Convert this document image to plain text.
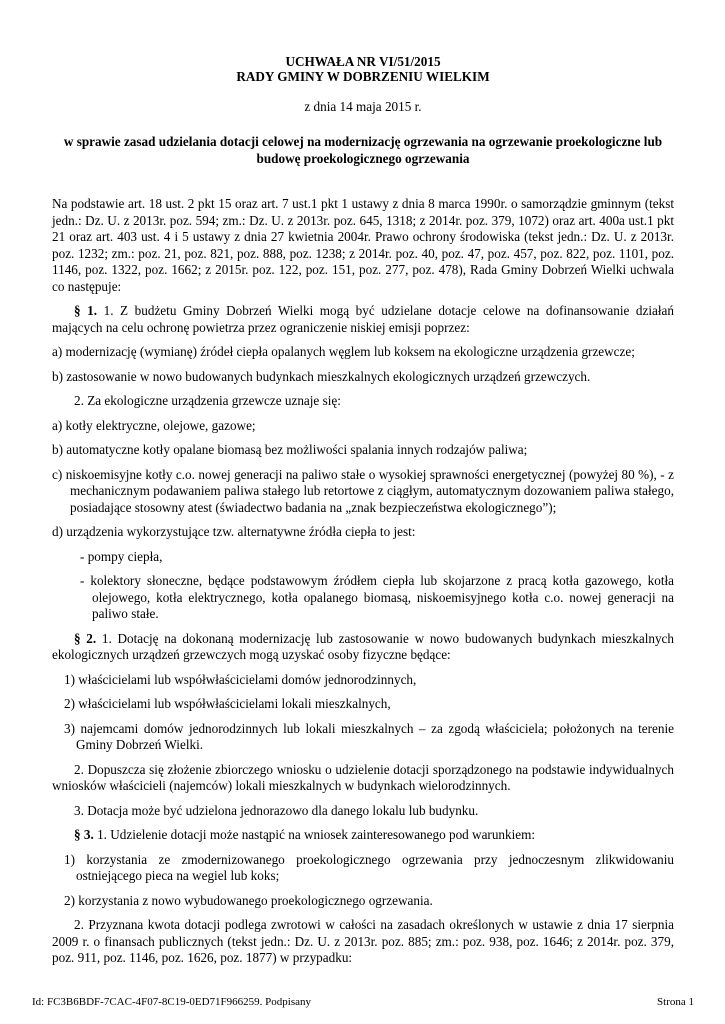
UCHWAŁA NR VI/51/2015
RADY GMINY W DOBRZENIU WIELKIM
z dnia 14 maja 2015 r.
w sprawie zasad udzielania dotacji celowej na modernizację ogrzewania na ogrzewanie proekologiczne lub budowę proekologicznego ogrzewania

Na podstawie art. 18 ust. 2 pkt 15 oraz art. 7 ust.1 pkt 1 ustawy z dnia 8 marca 1990r. o samorządzie gminnym (tekst jedn.: Dz. U. z 2013r. poz. 594; zm.: Dz. U. z 2013r. poz. 645, 1318; z 2014r. poz. 379, 1072) oraz art. 400a ust.1 pkt 21 oraz art. 403 ust. 4 i 5 ustawy z dnia 27 kwietnia 2004r. Prawo ochrony środowiska (tekst jedn.: Dz. U. z 2013r. poz. 1232; zm.: poz. 21, poz. 821, poz. 888, poz. 1238; z 2014r. poz. 40, poz. 47, poz. 457, poz. 822, poz. 1101, poz. 1146, poz. 1322, poz. 1662; z 2015r. poz. 122, poz. 151, poz. 277, poz. 478), Rada Gminy Dobrzeń Wielki uchwala co następuje:

§ 1. 1. Z budżetu Gminy Dobrzeń Wielki mogą być udzielane dotacje celowe na dofinansowanie działań mających na celu ochronę powietrza przez ograniczenie niskiej emisji poprzez:

a) modernizację (wymianę) źródeł ciepła opalanych węglem lub koksem na ekologiczne urządzenia grzewcze;

b) zastosowanie w nowo budowanych budynkach mieszkalnych ekologicznych urządzeń grzewczych.

2. Za ekologiczne urządzenia grzewcze uznaje się:

a) kotły elektryczne, olejowe, gazowe;

b) automatyczne kotły opalane biomasą bez możliwości spalania innych rodzajów paliwa;

c) niskoemisyjne kotły c.o. nowej generacji na paliwo stałe o wysokiej sprawności energetycznej (powyżej 80 %), - z mechanicznym podawaniem paliwa stałego lub retortowe z ciągłym, automatycznym dozowaniem paliwa stałego, posiadające stosowny atest (świadectwo badania na „znak bezpieczeństwa ekologicznego”);

d) urządzenia wykorzystujące tzw. alternatywne źródła ciepła to jest:

- pompy ciepła,

- kolektory słoneczne, będące podstawowym źródłem ciepła lub skojarzone z pracą kotła gazowego, kotła olejowego, kotła elektrycznego, kotła opalanego biomasą, niskoemisyjnego kotła c.o. nowej generacji na paliwo stałe.

§ 2. 1. Dotację na dokonaną modernizację lub zastosowanie w nowo budowanych budynkach mieszkalnych ekologicznych urządzeń grzewczych mogą uzyskać osoby fizyczne będące:

1) właścicielami lub współwłaścicielami domów jednorodzinnych,

2) właścicielami lub współwłaścicielami lokali mieszkalnych,

3) najemcami domów jednorodzinnych lub lokali mieszkalnych – za zgodą właściciela; położonych na terenie Gminy Dobrzeń Wielki.

2. Dopuszcza się złożenie zbiorczego wniosku o udzielenie dotacji sporządzonego na podstawie indywidualnych wniosków właścicieli (najemców) lokali mieszkalnych w budynkach wielorodzinnych.

3. Dotacja może być udzielona jednorazowo dla danego lokalu lub budynku.

§ 3. 1. Udzielenie dotacji może nastąpić na wniosek zainteresowanego pod warunkiem:

1) korzystania ze zmodernizowanego proekologicznego ogrzewania przy jednoczesnym zlikwidowaniu ostniejącego pieca na wegiel lub koks;

2) korzystania z nowo wybudowanego proekologicznego ogrzewania.

2. Przyznana kwota dotacji podlega zwrotowi w całości na zasadach określonych w ustawie z dnia 17 sierpnia 2009 r. o finansach publicznych (tekst jedn.: Dz. U. z 2013r. poz. 885; zm.: poz. 938, poz. 1646; z 2014r. poz. 379, poz. 911, poz. 1146, poz. 1626, poz. 1877) w przypadku:

Id: FC3B6BDF-7CAC-4F07-8C19-0ED71F966259. Podpisany	Strona 1
